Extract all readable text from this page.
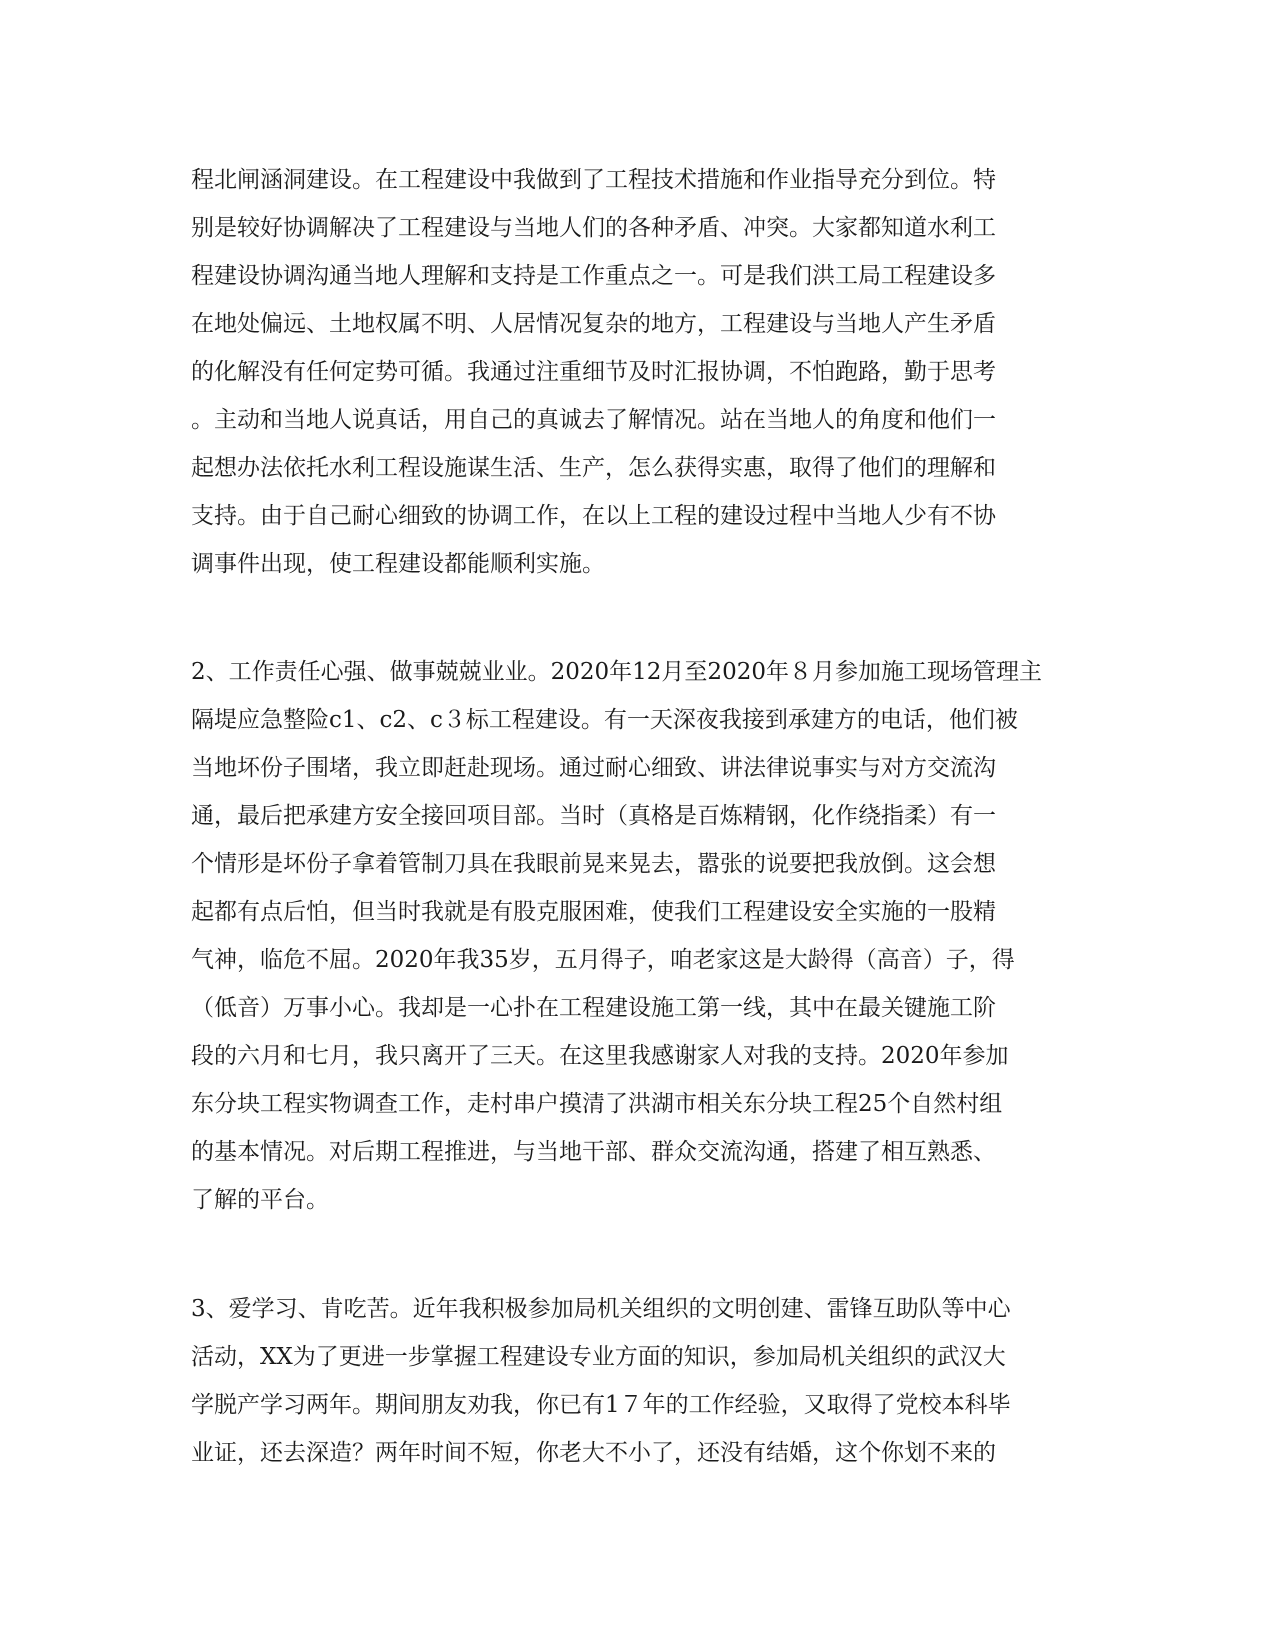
程北闸涵洞建设。在工程建设中我做到了工程技术措施和作业指导充分到位。特
别是较好协调解决了工程建设与当地人们的各种矛盾、冲突。大家都知道水利工
程建设协调沟通当地人理解和支持是工作重点之一。可是我们洪工局工程建设多
在地处偏远、土地权属不明、人居情况复杂的地方，工程建设与当地人产生矛盾
的化解没有任何定势可循。我通过注重细节及时汇报协调，不怕跑路，勤于思考
。主动和当地人说真话，用自己的真诚去了解情况。站在当地人的角度和他们一
起想办法依托水利工程设施谋生活、生产，怎么获得实惠，取得了他们的理解和
支持。由于自己耐心细致的协调工作，在以上工程的建设过程中当地人少有不协
调事件出现，使工程建设都能顺利实施。
2、工作责任心强、做事兢兢业业。2020年12月至2020年８月参加施工现场管理主
隔堤应急整险c1、c2、c３标工程建设。有一天深夜我接到承建方的电话，他们被
当地坏份子围堵，我立即赶赴现场。通过耐心细致、讲法律说事实与对方交流沟
通，最后把承建方安全接回项目部。当时（真格是百炼精钢，化作绕指柔）有一
个情形是坏份子拿着管制刀具在我眼前晃来晃去，嚣张的说要把我放倒。这会想
起都有点后怕，但当时我就是有股克服困难，使我们工程建设安全实施的一股精
气神，临危不屈。2020年我35岁，五月得子，咱老家这是大龄得（高音）子，得
（低音）万事小心。我却是一心扑在工程建设施工第一线，其中在最关键施工阶
段的六月和七月，我只离开了三天。在这里我感谢家人对我的支持。2020年参加
东分块工程实物调查工作，走村串户摸清了洪湖市相关东分块工程25个自然村组
的基本情况。对后期工程推进，与当地干部、群众交流沟通，搭建了相互熟悉、
了解的平台。
3、爱学习、肯吃苦。近年我积极参加局机关组织的文明创建、雷锋互助队等中心
活动，XX为了更进一步掌握工程建设专业方面的知识，参加局机关组织的武汉大
学脱产学习两年。期间朋友劝我，你已有1７年的工作经验，又取得了党校本科毕
业证，还去深造？两年时间不短，你老大不小了，还没有结婚，这个你划不来的
